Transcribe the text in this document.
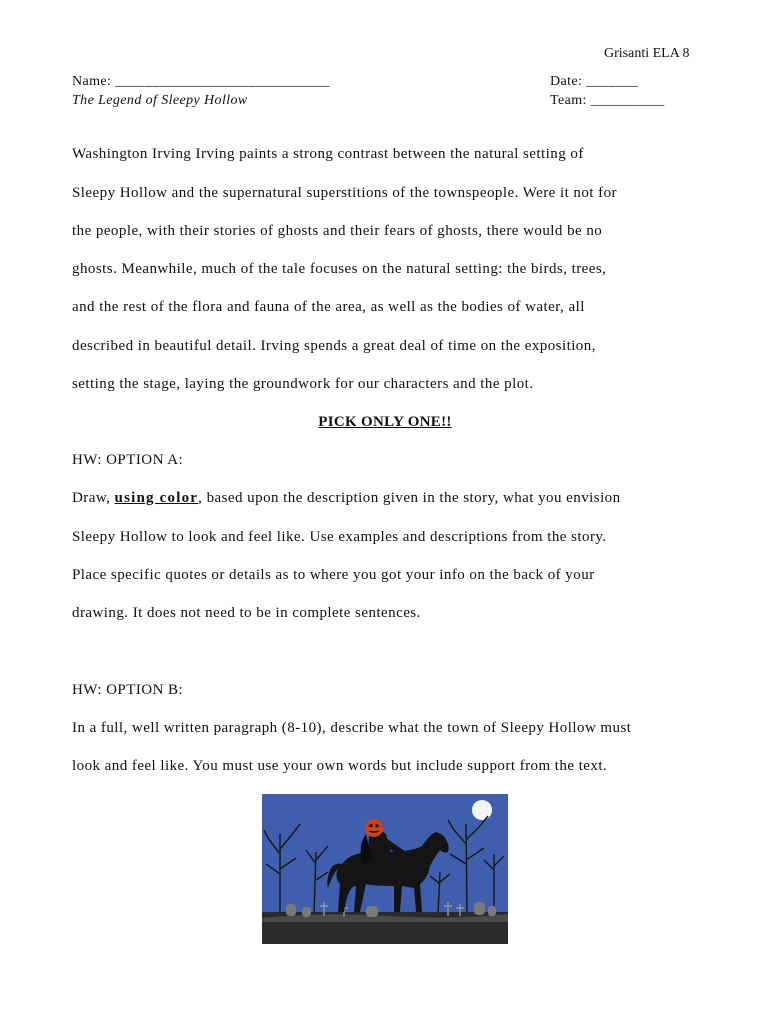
Grisanti ELA 8
Name: _____________________________
The Legend of Sleepy Hollow
Date: _______
Team: __________
Washington Irving Irving paints a strong contrast between the natural setting of
Sleepy Hollow and the supernatural superstitions of the townspeople. Were it not for
the people, with their stories of ghosts and their fears of ghosts, there would be no
ghosts. Meanwhile, much of the tale focuses on the natural setting: the birds, trees,
and the rest of the flora and fauna of the area, as well as the bodies of water, all
described in beautiful detail. Irving spends a great deal of time on the exposition,
setting the stage, laying the groundwork for our characters and the plot.
PICK ONLY ONE!!
HW: OPTION A:
Draw, using color, based upon the description given in the story, what you envision
Sleepy Hollow to look and feel like. Use examples and descriptions from the story.
Place specific quotes or details as to where you got your info on the back of your
drawing. It does not need to be in complete sentences.
HW: OPTION B:
In a full, well written paragraph (8-10), describe what the town of Sleepy Hollow must
look and feel like. You must use your own words but include support from the text.
